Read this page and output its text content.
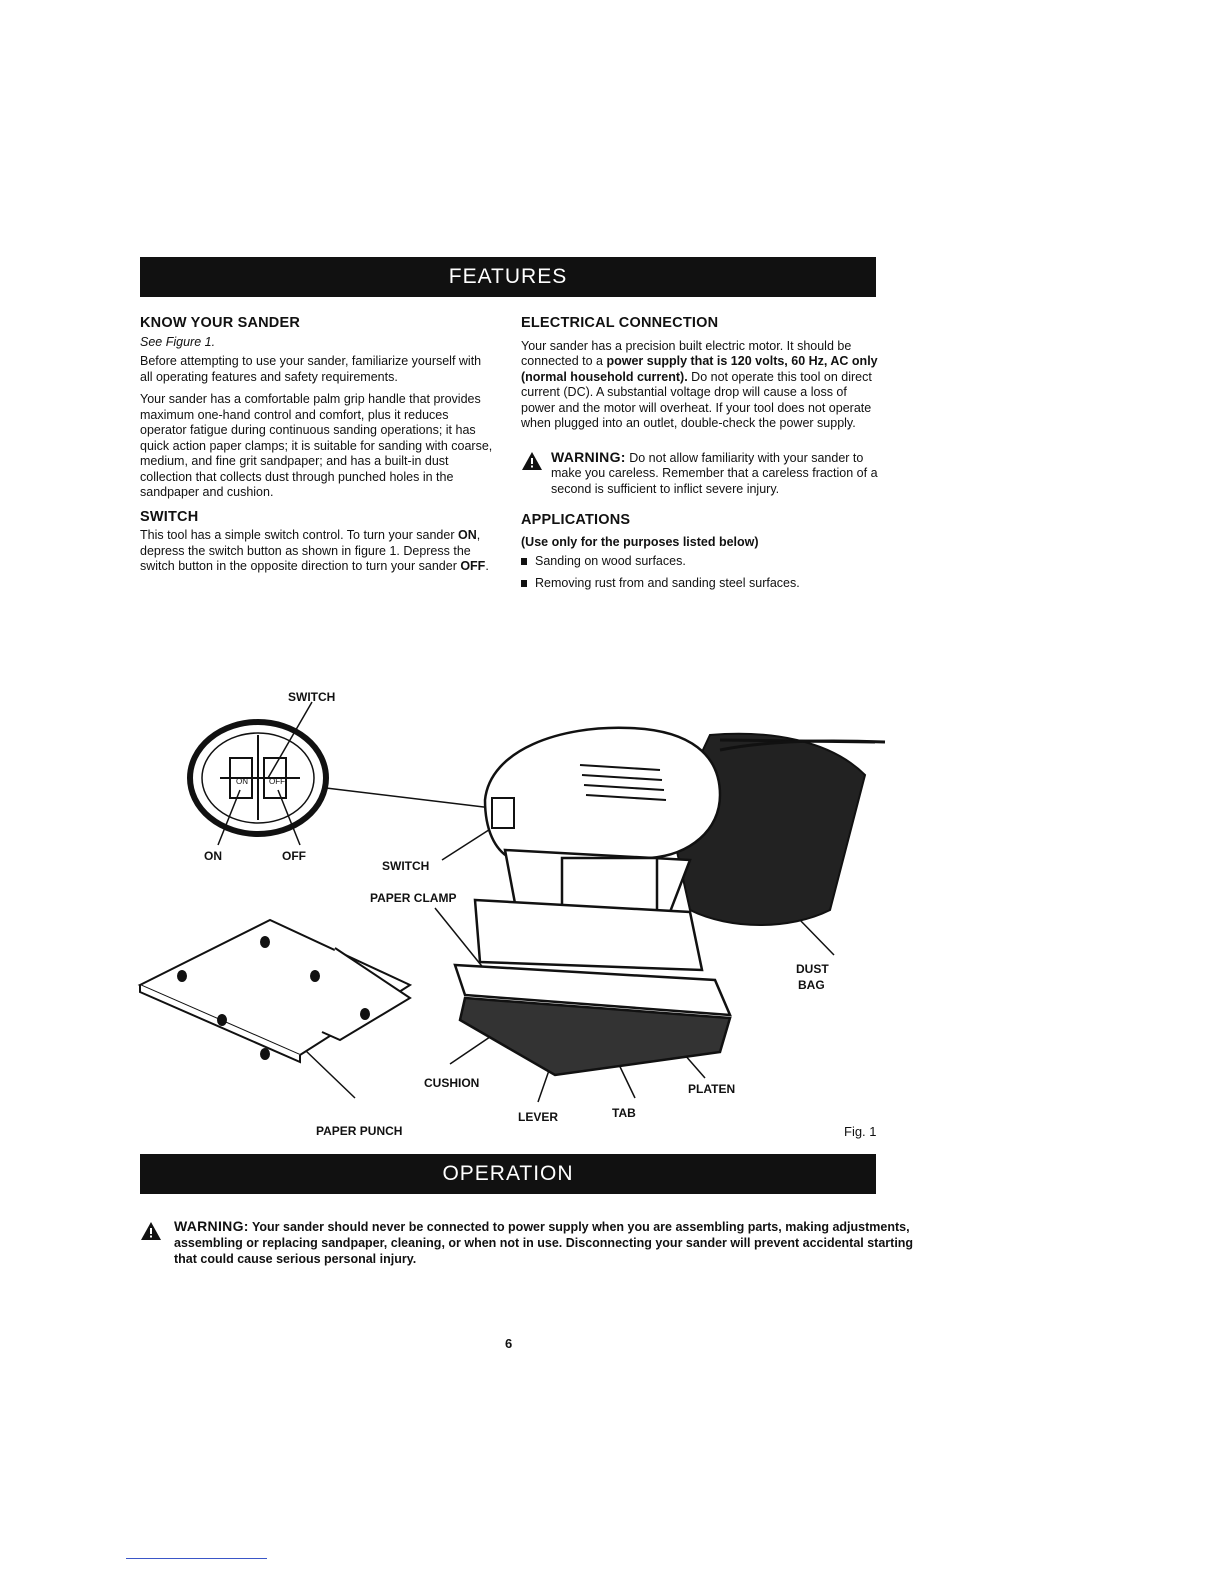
FEATURES
KNOW YOUR SANDER
See Figure 1.

Before attempting to use your sander, familiarize yourself with all operating features and safety requirements.

Your sander has a comfortable palm grip handle that provides maximum one-hand control and comfort, plus it reduces operator fatigue during continuous sanding operations; it has quick action paper clamps; it is suitable for sanding with coarse, medium, and fine grit sandpaper; and has a built-in dust collection that collects dust through punched holes in the sandpaper and cushion.

SWITCH

This tool has a simple switch control. To turn your sander ON, depress the switch button as shown in figure 1. Depress the switch button in the opposite direction to turn your sander OFF.

ELECTRICAL CONNECTION

Your sander has a precision built electric motor. It should be connected to a power supply that is 120 volts, 60 Hz, AC only (normal household current). Do not operate this tool on direct current (DC). A substantial voltage drop will cause a loss of power and the motor will overheat. If your tool does not operate when plugged into an outlet, double-check the power supply.

WARNING: Do not allow familiarity with your sander to make you careless. Remember that a careless fraction of a second is sufficient to inflict severe injury.
APPLICATIONS
(Use only for the purposes listed below)
Sanding on wood surfaces.
Removing rust from and sanding steel surfaces.
ON	OFF
SWITCH
ON	OFF
SWITCH
PAPER CLAMP
DUST
BAG
CUSHION	PLATEN
LEVER	TAB
PAPER PUNCH	Fig. 1
OPERATION
WARNING: Your sander should never be connected to power supply when you are assembling parts, making adjustments, assembling or replacing sandpaper, cleaning, or when not in use. Disconnecting your sander will prevent accidental starting that could cause serious personal injury.
6
